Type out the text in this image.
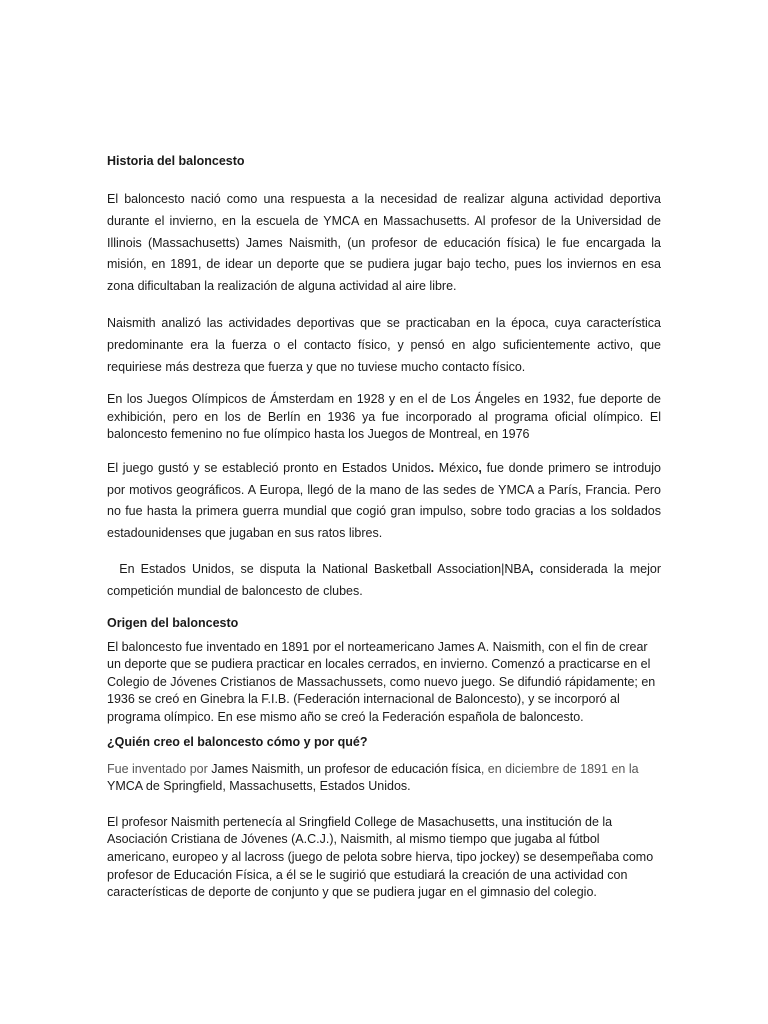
Historia del baloncesto

El baloncesto nació como una respuesta a la necesidad de realizar alguna actividad deportiva durante el invierno, en la escuela de YMCA en Massachusetts. Al profesor de la Universidad de Illinois (Massachusetts) James Naismith, (un profesor de educación física) le fue encargada la misión, en 1891, de idear un deporte que se pudiera jugar bajo techo, pues los inviernos en esa zona dificultaban la realización de alguna actividad al aire libre.

Naismith analizó las actividades deportivas que se practicaban en la época, cuya característica predominante era la fuerza o el contacto físico, y pensó en algo suficientemente activo, que requiriese más destreza que fuerza y que no tuviese mucho contacto físico.

En los Juegos Olímpicos de Ámsterdam en 1928 y en el de Los Ángeles en 1932, fue deporte de exhibición, pero en los de Berlín en 1936 ya fue incorporado al programa oficial olímpico. El baloncesto femenino no fue olímpico hasta los Juegos de Montreal, en 1976

El juego gustó y se estableció pronto en Estados Unidos. México, fue donde primero se introdujo por motivos geográficos. A Europa, llegó de la mano de las sedes de YMCA a París, Francia. Pero no fue hasta la primera guerra mundial que cogió gran impulso, sobre todo gracias a los soldados estadounidenses que jugaban en sus ratos libres.

En Estados Unidos, se disputa la National Basketball Association|NBA, considerada la mejor competición mundial de baloncesto de clubes.

Origen del baloncesto

El baloncesto fue inventado en 1891 por el norteamericano James A. Naismith, con el fin de crear un deporte que se pudiera practicar en locales cerrados, en invierno. Comenzó a practicarse en el Colegio de Jóvenes Cristianos de Massachussets, como nuevo juego. Se difundió rápidamente; en 1936 se creó en Ginebra la F.I.B. (Federación internacional de Baloncesto), y se incorporó al programa olímpico. En ese mismo año se creó la Federación española de baloncesto.

¿Quién creo el baloncesto cómo y por qué?

Fue inventado por James Naismith, un profesor de educación física, en diciembre de 1891 en la YMCA de Springfield, Massachusetts, Estados Unidos.

El profesor Naismith pertenecía al Sringfield College de Masachusetts, una institución de la Asociación Cristiana de Jóvenes (A.C.J.), Naismith, al mismo tiempo que jugaba al fútbol americano, europeo y al lacross (juego de pelota sobre hierva, tipo jockey) se desempeñaba como profesor de Educación Física, a él se le sugirió que estudiará la creación de una actividad con características de deporte de conjunto y que se pudiera jugar en el gimnasio del colegio.
